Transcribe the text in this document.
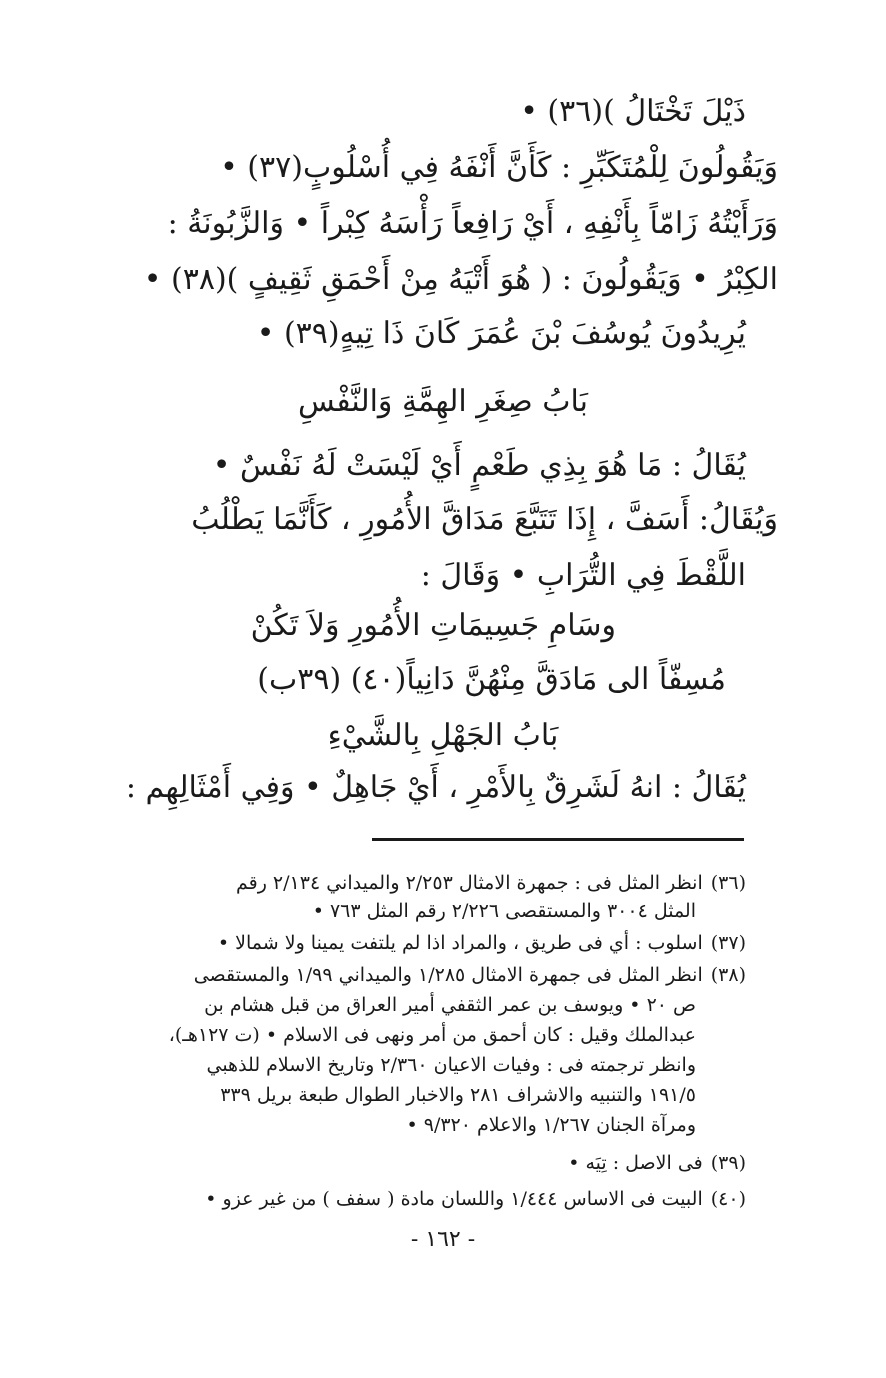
ذَيْلَ تَخْتَالُ )(٣٦) •
وَيَقُولُونَ لِلْمُتَكَبِّرِ : كَأَنَّ أَنْفَهُ فِي أُسْلُوبٍ(٣٧) •
وَرَأَيْتُهُ زَامّاً بِأَنْفِهِ ، أَيْ رَافِعاً رَأْسَهُ كِبْراً • وَالزَّبُونَةُ :
الكِبْرُ • وَيَقُولُونَ : ( هُوَ أَتْيَهُ مِنْ أَحْمَقِ ثَقِيفٍ )(٣٨) •
يُرِيدُونَ يُوسُفَ بْنَ عُمَرَ كَانَ ذَا تِيهٍ(٣٩) •
بَابُ صِغَرِ الهِمَّةِ وَالنَّفْسِ
يُقَالُ : مَا هُوَ بِذِي طَعْمٍ أَيْ لَيْسَتْ لَهُ نَفْسٌ •
وَيُقَالُ: أَسَفَّ ، إِذَا تَتَبَّعَ مَدَاقَّ الأُمُورِ ، كَأَنَّمَا يَطْلُبُ
اللَّقْطَ فِي التُّرَابِ • وَقَالَ :
وسَامِ جَسِيمَاتِ الأُمُورِ وَلاَ تَكُنْ
مُسِفّاً الى مَادَقَّ مِنْهُنَّ دَانِياً(٤٠) (٣٩ب)
بَابُ الجَهْلِ بِالشَّيْءِ
يُقَالُ : انهُ لَشَرِقٌ بِالأَمْرِ ، أَيْ جَاهِلٌ • وَفِي أَمْثَالِهِم :
(٣٦)انظر المثل فى : جمهرة الامثال ٢/٢٥٣ والميداني ٢/١٣٤ رقم
المثل ٣٠٠٤ والمستقصى ٢/٢٢٦ رقم المثل ٧٦٣ •
(٣٧)اسلوب : أي فى طريق ، والمراد اذا لم يلتفت يمينا ولا شمالا •
(٣٨)انظر المثل فى جمهرة الامثال ١/٢٨٥ والميداني ١/٩٩ والمستقصى
ص ٢٠ • ويوسف بن عمر الثقفي أمير العراق من قبل هشام بن
عبدالملك وقيل : كان أحمق من أمر ونهى فى الاسلام • (ت ١٢٧هـ)،
وانظر ترجمته فى : وفيات الاعيان ٢/٣٦٠ وتاريخ الاسلام للذهبي
١٩١/٥ والتنبيه والاشراف ٢٨١ والاخبار الطوال طبعة بريل ٣٣٩
ومرآة الجنان ١/٢٦٧ والاعلام ٩/٣٢٠ •
(٣٩)فى الاصل : تِيَه •
(٤٠)البيت فى الاساس ١/٤٤٤ واللسان مادة ( سفف ) من غير عزو •
- ١٦٢ -
